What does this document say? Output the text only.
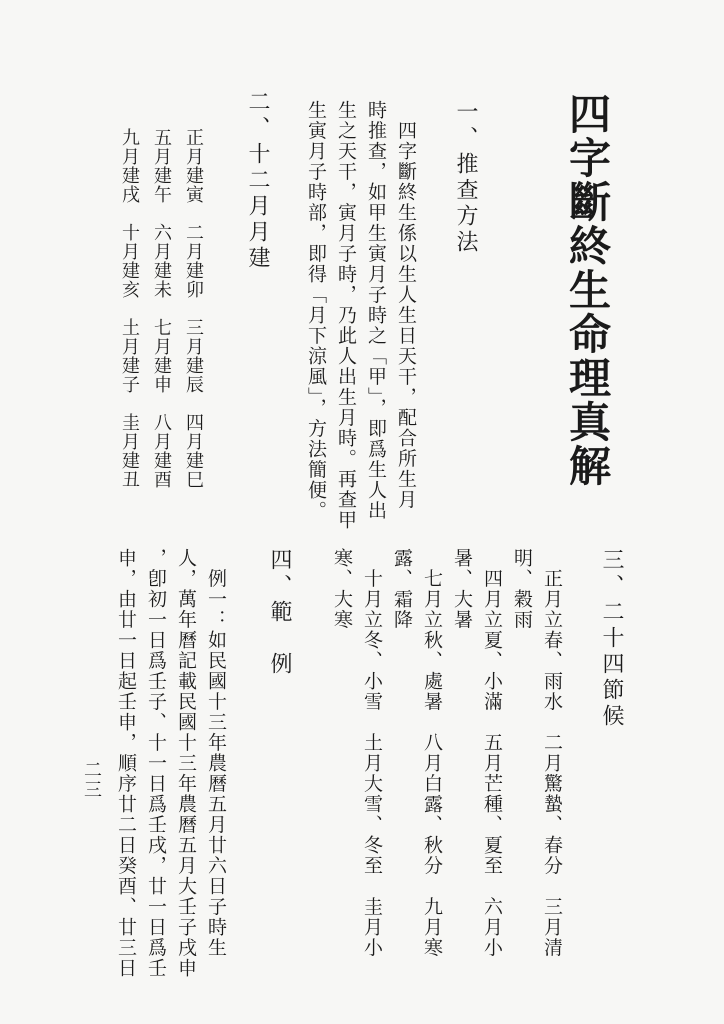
四字斷終生命理真解
一、推查方法
　四字斷終生係以生人生日天干，配合所生月
時推查，如甲生寅月子時之「甲」，即爲生人出
生之天干，寅月子時，乃此人出生月時。再查甲
生寅月子時部，即得「月下涼風」，方法簡便。
二、十二月月建
正月建寅　二月建卯　三月建辰　四月建巳
五月建午　六月建未　七月建申　八月建酉
九月建戌　十月建亥　土月建子　圭月建丑
三、二十四節候
　正月立春、雨水　二月驚蟄、春分　三月清
明、穀雨
　四月立夏、小滿　五月芒種、夏至　六月小
暑、大暑
　七月立秋、處暑　八月白露、秋分　九月寒
露、霜降
　十月立冬、小雪　土月大雪、冬至　圭月小
寒、大寒
四、範　例
　例一：如民國十三年農曆五月廿六日子時生
人，萬年曆記載民國十三年農曆五月大壬子戌申
，卽初一日爲壬子、十一日爲壬戌，廿一日爲壬
申，由廿一日起壬申，順序廿二日癸酉、廿三日
二三
